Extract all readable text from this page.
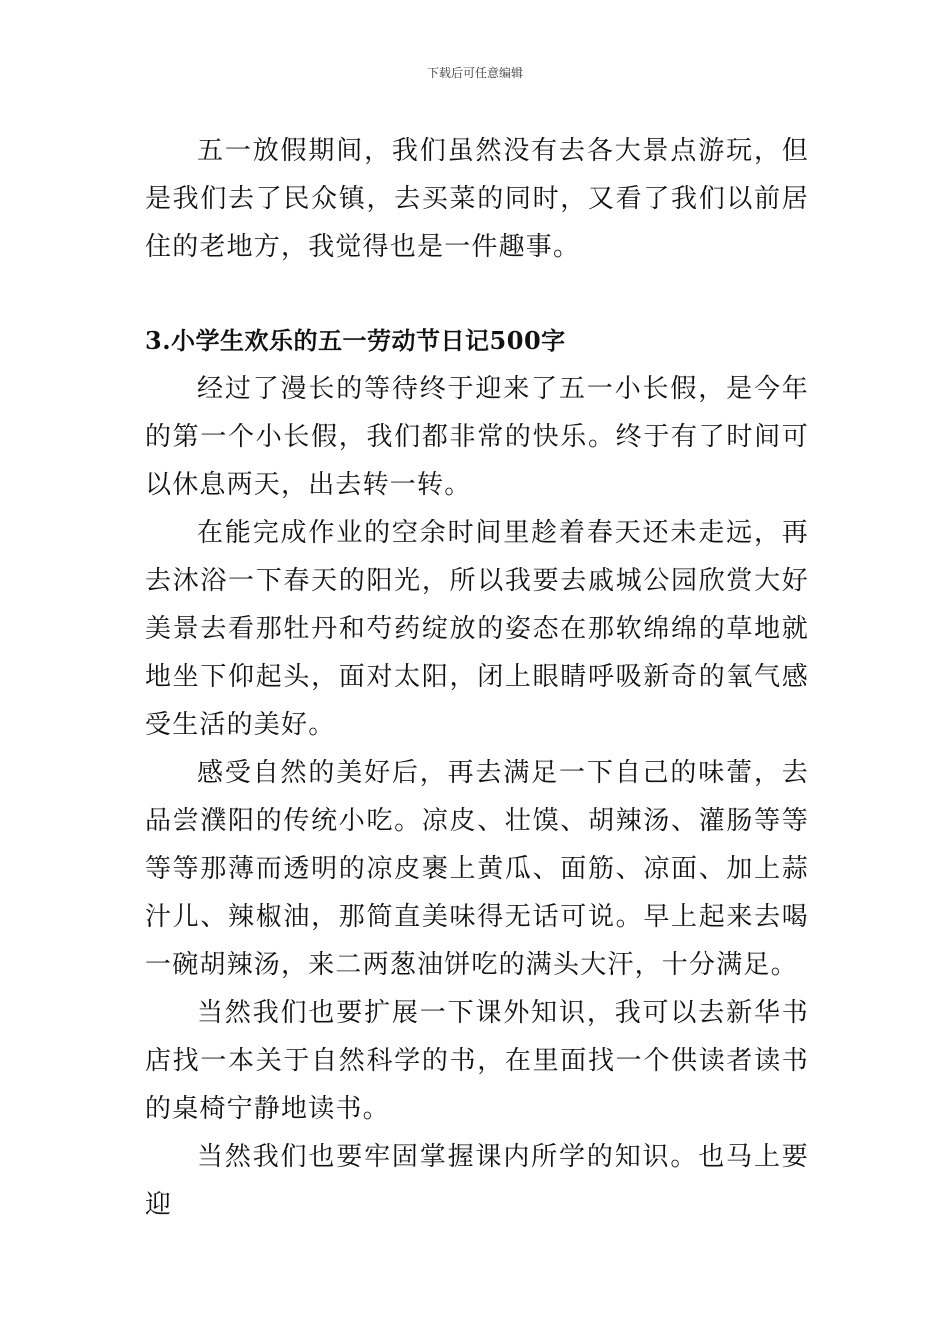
下载后可任意编辑

五一放假期间，我们虽然没有去各大景点游玩，但是我们去了民众镇，去买菜的同时，又看了我们以前居住的老地方，我觉得也是一件趣事。

3.小学生欢乐的五一劳动节日记500字

经过了漫长的等待终于迎来了五一小长假，是今年的第一个小长假，我们都非常的快乐。终于有了时间可以休息两天，出去转一转。

在能完成作业的空余时间里趁着春天还未走远，再去沐浴一下春天的阳光，所以我要去戚城公园欣赏大好美景去看那牡丹和芍药绽放的姿态在那软绵绵的草地就地坐下仰起头，面对太阳，闭上眼睛呼吸新奇的氧气感受生活的美好。

感受自然的美好后，再去满足一下自己的味蕾，去品尝濮阳的传统小吃。凉皮、壮馍、胡辣汤、灌肠等等等等那薄而透明的凉皮裹上黄瓜、面筋、凉面、加上蒜汁儿、辣椒油，那简直美味得无话可说。早上起来去喝一碗胡辣汤，来二两葱油饼吃的满头大汗，十分满足。

当然我们也要扩展一下课外知识，我可以去新华书店找一本关于自然科学的书，在里面找一个供读者读书的桌椅宁静地读书。

当然我们也要牢固掌握课内所学的知识。也马上要迎
